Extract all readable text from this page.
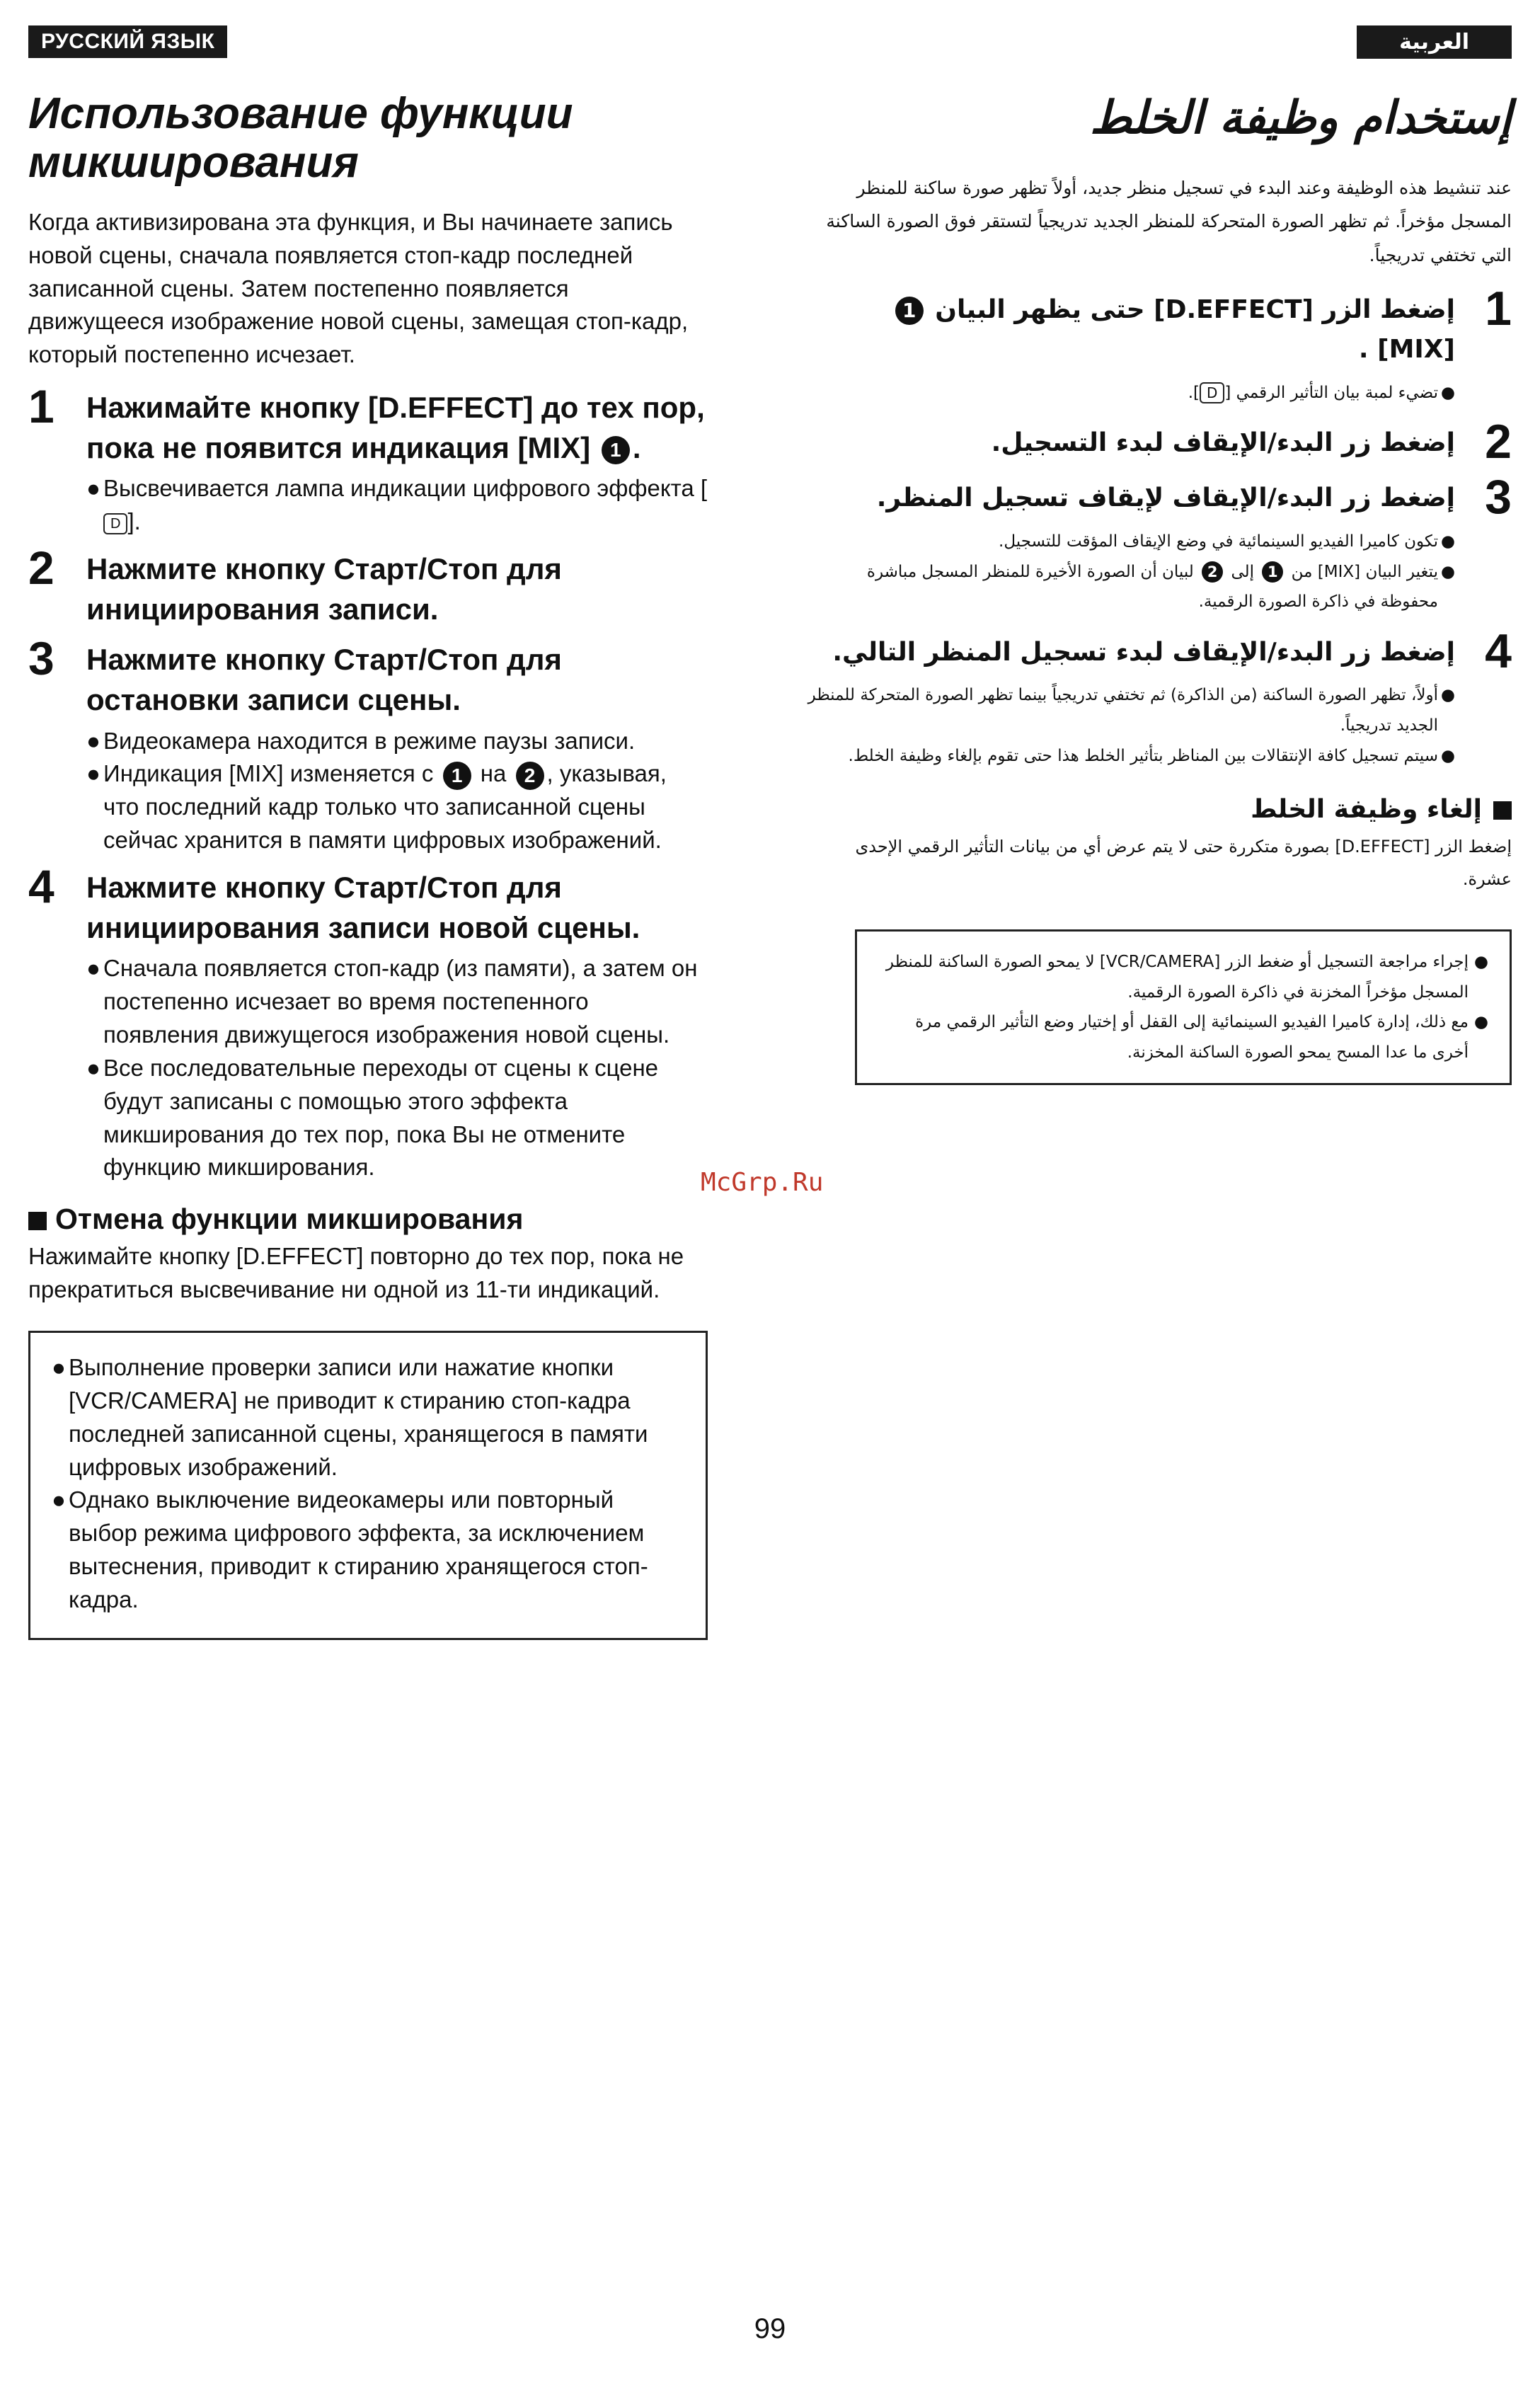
РУССКИЙ ЯЗЫК
Использование функции микширования
Когда активизирована эта функция, и Вы начинаете запись новой сцены, сначала появляется стоп-кадр последней записанной сцены. Затем постепенно появляется движущееся изображение новой сцены, замещая стоп-кадр, который постепенно исчезает.
1 Нажимайте кнопку [D.EFFECT] до тех пор, пока не появится индикация [MIX] 1 .
● Высвечивается лампа индикации цифрового эффекта [D ].
2 Нажмите кнопку Старт/Стоп для инициирования записи.
3 Нажмите кнопку Старт/Стоп для остановки записи сцены.
● Видеокамера находится в режиме паузы записи.
● Индикация [MIX] изменяется с 1 на 2 , указывая, что последний кадр только что записанной сцены сейчас хранится в памяти цифровых изображений.
4 Нажмите кнопку Старт/Стоп для инициирования записи новой сцены.
● Сначала появляется стоп-кадр (из памяти), а затем он постепенно исчезает во время постепенного появления движущегося изображения новой сцены.
● Все последовательные переходы от сцены к сцене будут записаны с помощью этого эффекта микширования до тех пор, пока Вы не отмените функцию микширования.
Отмена функции микширования
Нажимайте кнопку [D.EFFECT] повторно до тех пор, пока не прекратиться высвечивание ни одной из 11-ти индикаций.
● Выполнение проверки записи или нажатие кнопки [VCR/CAMERA] не приводит к стиранию стоп-кадра последней записанной сцены, хранящегося в памяти цифровых изображений.
● Однако выключение видеокамеры или повторный выбор режима цифрового эффекта, за исключением вытеснения, приводит к стиранию хранящегося стоп-кадра.
العربية
إستخدام وظيفة الخلط
عند تنشيط هذه الوظيفة وعند البدء في تسجيل منظر جديد، أولاً تظهر صورة ساكنة للمنظر المسجل مؤخراً. ثم تظهر الصورة المتحركة للمنظر الجديد تدريجياً لتستقر فوق الصورة الساكنة التي تختفي تدريجياً.
1
إضغط الزر [D.EFFECT] حتى يظهر البيان 1 [MIX] .
●
تضيء لمبة بيان التأثير الرقمي [D].
2
إضغط زر البدء/الإيقاف لبدء التسجيل.
3
إضغط زر البدء/الإيقاف لإيقاف تسجيل المنظر.
●
تكون كاميرا الفيديو السينمائية في وضع الإيقاف المؤقت للتسجيل.
●
يتغير البيان [MIX] من 1 إلى 2 لبيان أن الصورة الأخيرة للمنظر المسجل مباشرة محفوظة في ذاكرة الصورة الرقمية.
4
إضغط زر البدء/الإيقاف لبدء تسجيل المنظر التالي.
●
أولاً، تظهر الصورة الساكنة (من الذاكرة) ثم تختفي تدريجياً بينما تظهر الصورة المتحركة للمنظر الجديد تدريجياً.
●
سيتم تسجيل كافة الإنتقالات بين المناظر بتأثير الخلط هذا حتى تقوم بإلغاء وظيفة الخلط.
إلغاء وظيفة الخلط
إضغط الزر [D.EFFECT] بصورة متكررة حتى لا يتم عرض أي من بيانات التأثير الرقمي الإحدى عشرة.
●
إجراء مراجعة التسجيل أو ضغط الزر [VCR/CAMERA] لا يمحو الصورة الساكنة للمنظر المسجل مؤخراً المخزنة في ذاكرة الصورة الرقمية.
●
مع ذلك، إدارة كاميرا الفيديو السينمائية إلى القفل أو إختيار وضع التأثير الرقمي مرة أخرى ما عدا المسح يمحو الصورة الساكنة المخزنة.
McGrp.Ru
99
